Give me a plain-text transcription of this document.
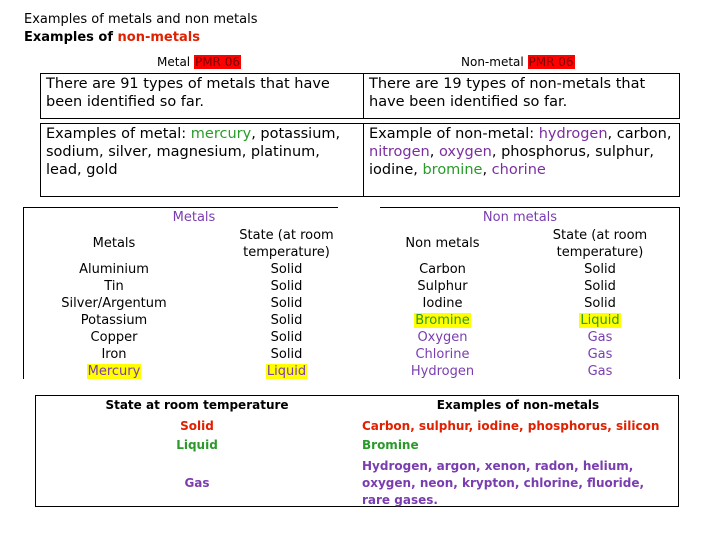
Examples of metals and non metals
Examples of non-metals
Metal PMR 06	Non-metal PMR 06
There are 91 types of metals that have been identified so far.
There are 19 types of non-metals that have been identified so far.
Examples of metal: mercury, potassium, sodium, silver, magnesium, platinum, lead, gold
Example of non-metal: hydrogen, carbon, nitrogen, oxygen, phosphorus, sulphur, iodine, bromine, chorine
Metals
Metals
State (at room temperature)
Aluminium
Tin
Silver/Argentum
Potassium
Copper
Iron
Mercury
Solid
Solid
Solid
Solid
Solid
Solid
Liquid
Non metals
Non metals
State (at room temperature)
Carbon
Sulphur
Iodine
Bromine
Oxygen
Chlorine
Hydrogen
Solid
Solid
Solid
Liquid
Gas
Gas
Gas
State at room temperature
Solid
Liquid
Gas
Examples of non-metals
Carbon, sulphur, iodine, phosphorus, silicon
Bromine
Hydrogen, argon, xenon, radon, helium, oxygen, neon, krypton, chlorine, fluoride, rare gases.
